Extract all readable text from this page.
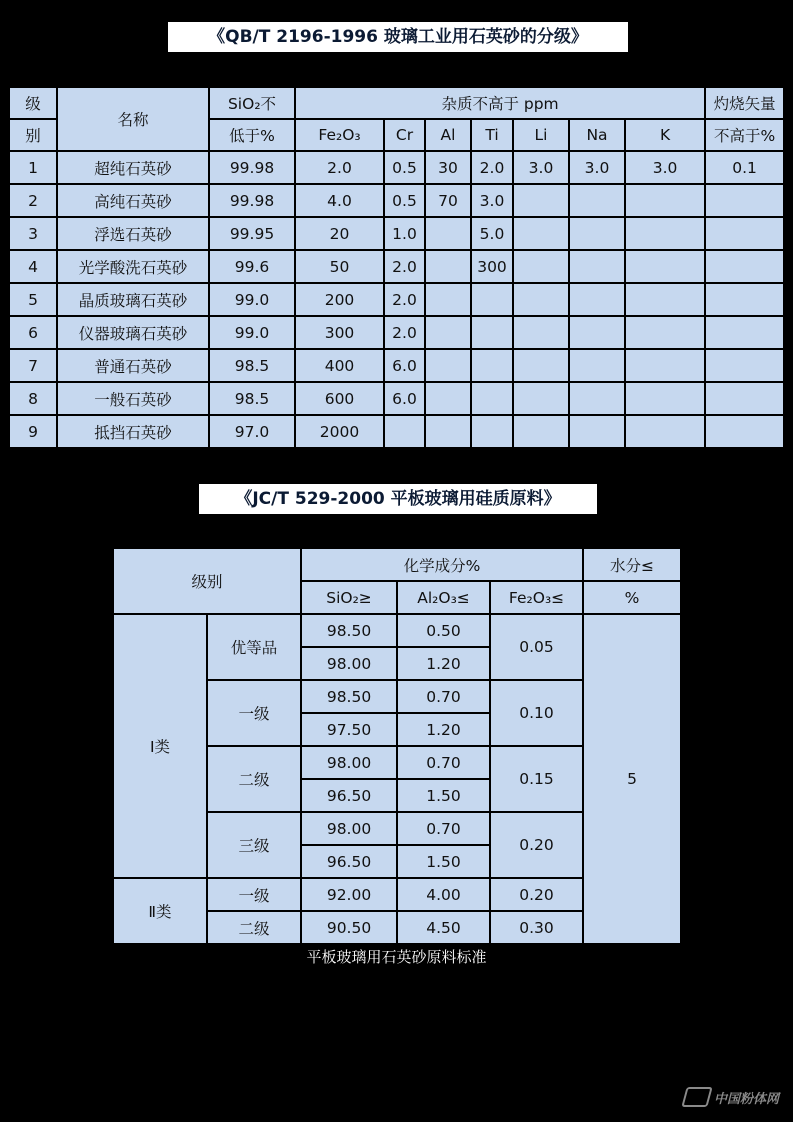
《QB/T 2196-1996 玻璃工业用石英砂的分级》
级	名称	SiO₂不	杂质不高于 ppm							灼烧矢量
别		低于%	Fe₂O₃	Cr	Al	Ti	Li	Na	K	不高于%
1	超纯石英砂	99.98	2.0	0.5	30	2.0	3.0	3.0	3.0	0.1
2	高纯石英砂	99.98	4.0	0.5	70	3.0				
3	浮选石英砂	99.95	20	1.0		5.0				
4	光学酸洗石英砂	99.6	50	2.0		300				
5	晶质玻璃石英砂	99.0	200	2.0						
6	仪器玻璃石英砂	99.0	300	2.0						
7	普通石英砂	98.5	400	6.0						
8	一般石英砂	98.5	600	6.0						
9	抵挡石英砂	97.0	2000							
《JC/T 529-2000 平板玻璃用硅质原料》
级别		化学成分%			水分≤
		SiO₂≥	Al₂O₃≤	Fe₂O₃≤	%
Ⅰ类	优等品	98.50	0.50	0.05	5
		98.00	1.20		
	一级	98.50	0.70	0.10	
		97.50	1.20		
	二级	98.00	0.70	0.15	
		96.50	1.50		
	三级	98.00	0.70	0.20	
		96.50	1.50		
Ⅱ类	一级	92.00	4.00	0.20	
	二级	90.50	4.50	0.30	
平板玻璃用石英砂原料标准
中国粉体网
